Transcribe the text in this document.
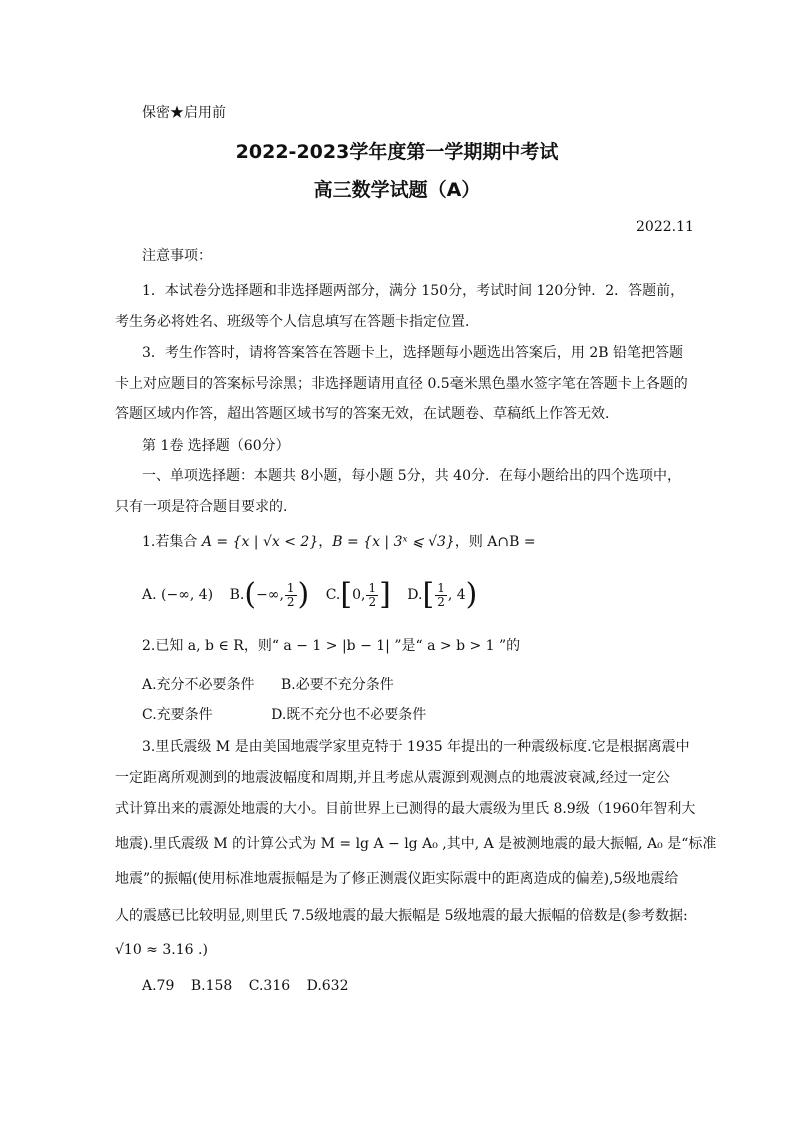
保密★启用前
2022-2023学年度第一学期期中考试
高三数学试题（A）
2022.11
注意事项：
1．本试卷分选择题和非选择题两部分，满分 150分，考试时间 120分钟．2．答题前，
考生务必将姓名、班级等个人信息填写在答题卡指定位置．
3．考生作答时，请将答案答在答题卡上，选择题每小题选出答案后，用 2B 铅笔把答题
卡上对应题目的答案标号涂黑；非选择题请用直径 0.5毫米黑色墨水签字笔在答题卡上各题的
答题区域内作答，超出答题区域书写的答案无效，在试题卷、草稿纸上作答无效.
第 1卷 选择题（60分）
一、单项选择题：本题共 8小题，每小题 5分，共 40分．在每小题给出的四个选项中，
只有一项是符合题目要求的.
1.若集合 A = {x | √x < 2}，B = {x | 3ˣ ⩽ √3}，则 A∩B =
A. (−∞, 4) B.(−∞, $\frac{1}{2}$ ) C.[0, $\frac{1}{2}$ ] $D.[ \frac{1}{2}$ , 4)
2.已知 a, b ∈ R，则“ a − 1 > |b − 1| ”是“ a > b > 1 ”的
A.充分不必要条件 B.必要不充分条件
C.充要条件	D.既不充分也不必要条件
3.里氏震级 M 是由美国地震学家里克特于 1935 年提出的一种震级标度.它是根据离震中
一定距离所观测到的地震波幅度和周期,并且考虑从震源到观测点的地震波衰减,经过一定公
式计算出来的震源处地震的大小。目前世界上已测得的最大震级为里氏 8.9级（1960年智利大
地震).里氏震级 M 的计算公式为 M = lg A − lg A₀ ,其中, A 是被测地震的最大振幅, A₀ 是“标准
地震”的振幅(使用标准地震振幅是为了修正测震仪距实际震中的距离造成的偏差),5级地震给
人的震感已比较明显,则里氏 7.5级地震的最大振幅是 5级地震的最大振幅的倍数是(参考数据:
√10 ≈ 3.16 .)
A.79 B.158 C.316 D.632
